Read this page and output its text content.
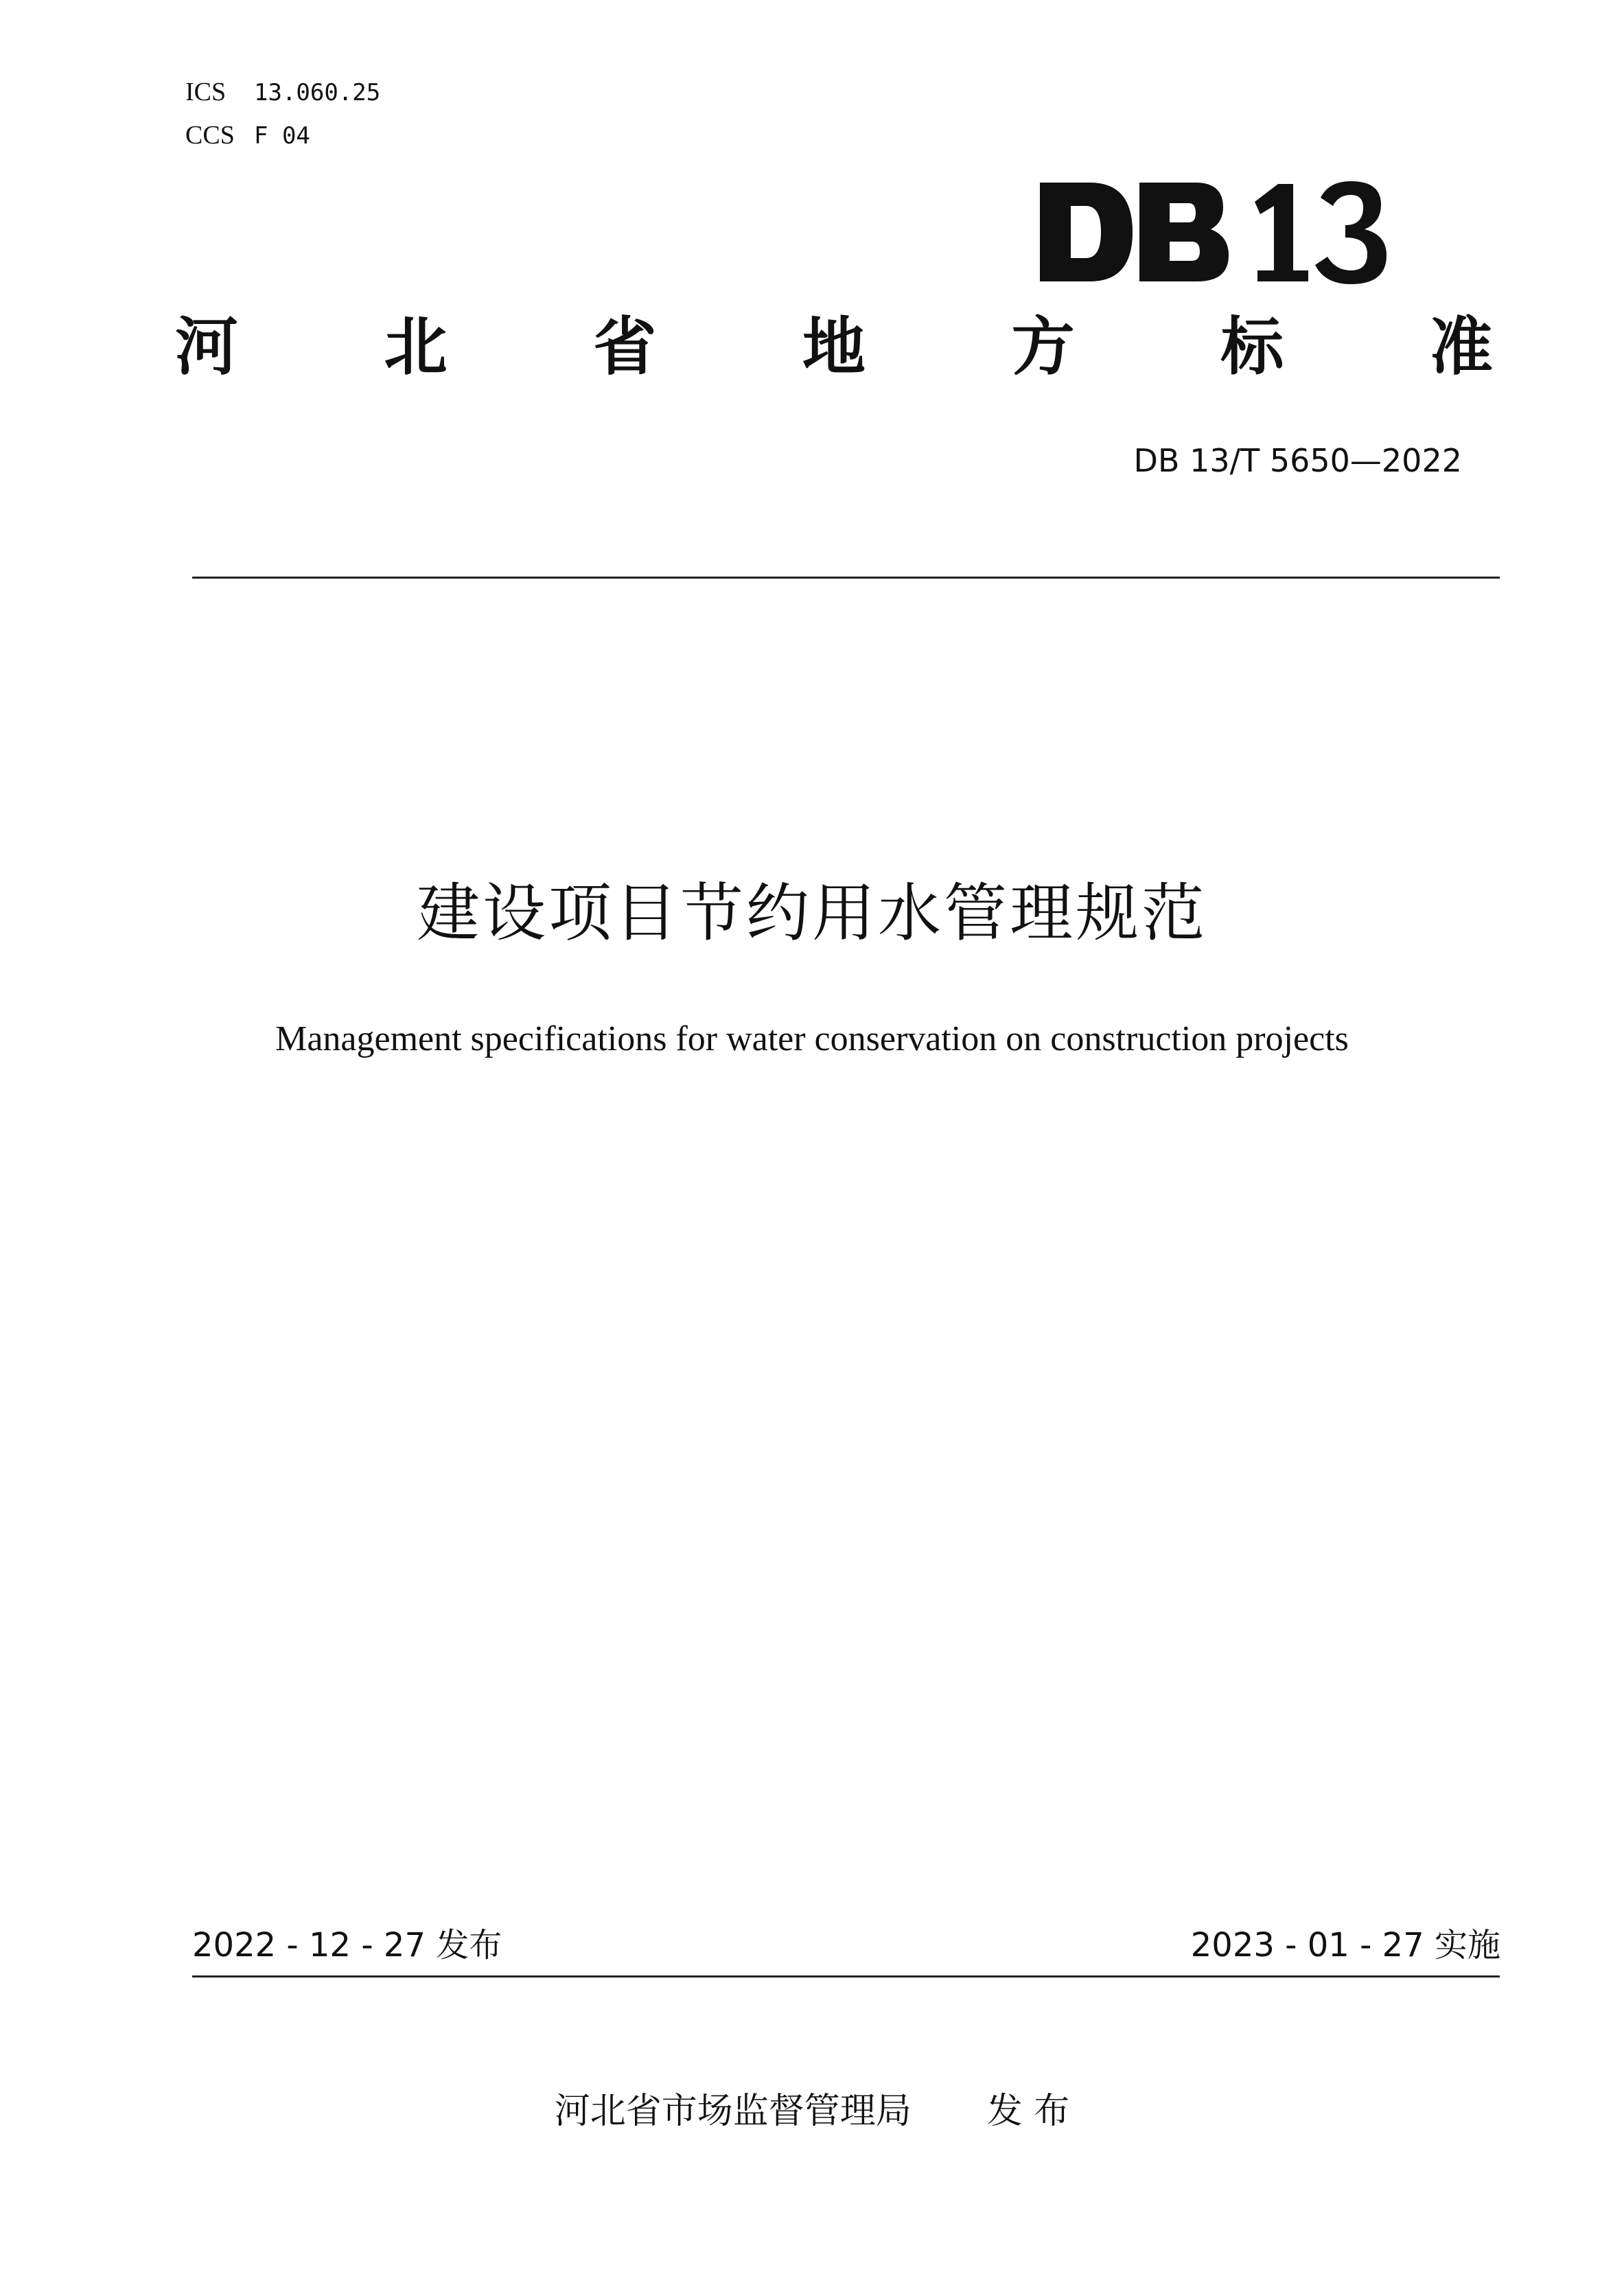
ICS 13.060.25
CCS F 04
河 北 省 地 方 标 准
DB 13/T 5650—2022
建设项目节约用水管理规范
Management specifications for water conservation on construction projects
2022 - 12 - 27 发布	2023 - 01 - 27 实施
河北省市场监督管理局 发 布
